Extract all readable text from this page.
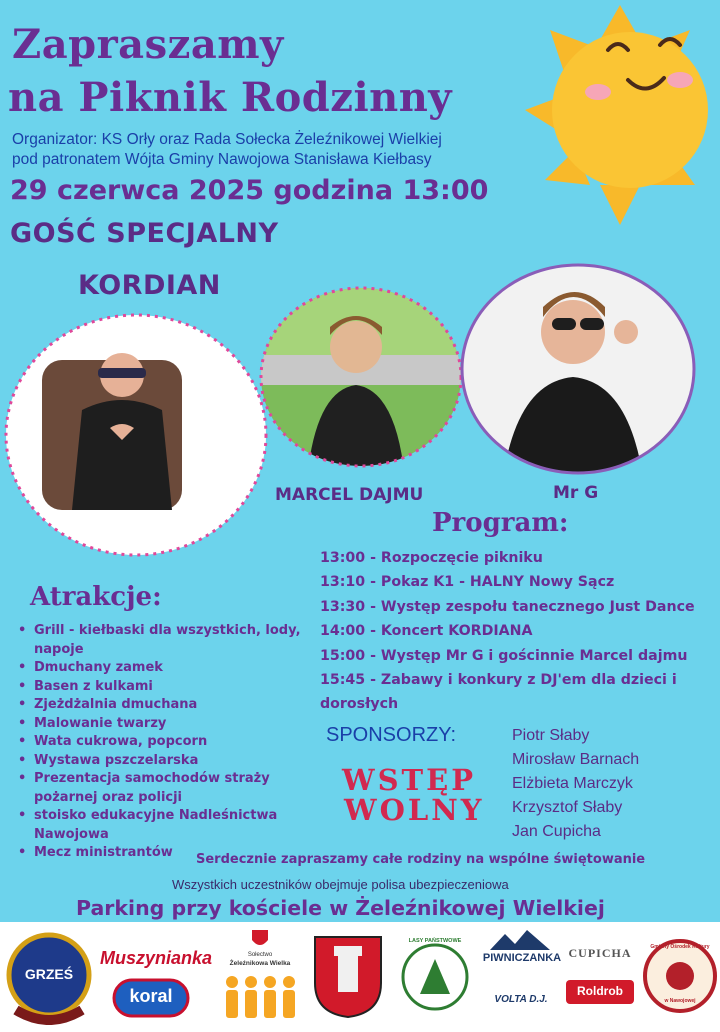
Zapraszamy
na Piknik Rodzinny
Organizator: KS Orły oraz Rada Sołecka Żeleźnikowej Wielkiej
pod patronatem Wójta Gminy Nawojowa Stanisława Kiełbasy
29 czerwca 2025 godzina 13:00
GOŚĆ SPECJALNY
KORDIAN
MARCEL DAJMU	Mr G
Program:
13:00 - Rozpoczęcie pikniku
13:10 - Pokaz K1 - HALNY Nowy Sącz
13:30 - Występ zespołu tanecznego Just Dance
14:00 - Koncert KORDIANA
15:00 - Występ Mr G i gościnnie Marcel dajmu
15:45 - Zabawy i konkury z DJ'em dla dzieci i
dorosłych
Atrakcje:
• Grill - kiełbaski dla wszystkich, lody, napoje
• Dmuchany zamek
• Basen z kulkami
• Zjeżdżalnia dmuchana
• Malowanie twarzy
• Wata cukrowa, popcorn
• Wystawa pszczelarska
• Prezentacja samochodów straży pożarnej oraz policji
• stoisko edukacyjne Nadleśnictwa Nawojowa
• Mecz ministrantów
SPONSORZY:	Piotr Słaby
Mirosław Barnach
Elżbieta Marczyk
Krzysztof Słaby
Jan Cupicha
WSTĘP
WOLNY
Serdecznie zapraszamy całe rodziny na wspólne świętowanie
Wszystkich uczestników obejmuje polisa ubezpieczeniowa
Parking przy kościele w Żeleźnikowej Wielkiej
GRZEŚ
Muszynianka
koral
Sołectwo
Żeleźnikowa Wielka
LASY PAŃSTWOWE
PIWNICZANKA
VOLTA D.J.
CUPICHA
Roldrob
Gminny Ośrodek Kultury
w Nawojowej
